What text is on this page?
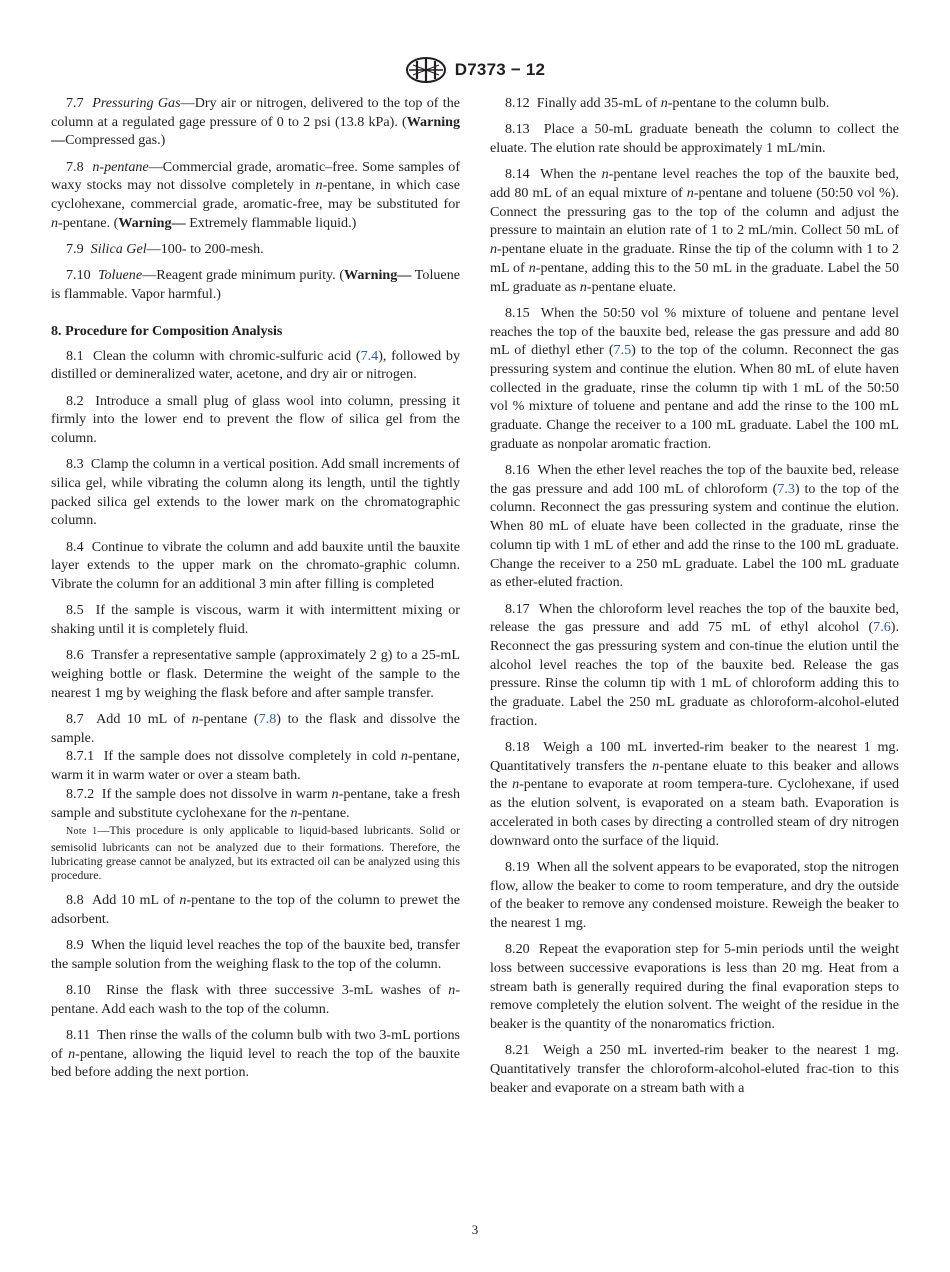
D7373 − 12

7.7 Pressuring Gas—Dry air or nitrogen, delivered to the top of the column at a regulated gage pressure of 0 to 2 psi (13.8 kPa). (Warning—Compressed gas.)

7.8 n-pentane—Commercial grade, aromatic–free. Some samples of waxy stocks may not dissolve completely in n-pentane, in which case cyclohexane, commercial grade, aromatic-free, may be substituted for n-pentane. (Warning— Extremely flammable liquid.)

7.9 Silica Gel—100- to 200-mesh.

7.10 Toluene—Reagent grade minimum purity. (Warning— Toluene is flammable. Vapor harmful.)

8. Procedure for Composition Analysis

8.1 Clean the column with chromic-sulfuric acid (7.4), followed by distilled or demineralized water, acetone, and dry air or nitrogen.

8.2 Introduce a small plug of glass wool into column, pressing it firmly into the lower end to prevent the flow of silica gel from the column.

8.3 Clamp the column in a vertical position. Add small increments of silica gel, while vibrating the column along its length, until the tightly packed silica gel extends to the lower mark on the chromatographic column.

8.4 Continue to vibrate the column and add bauxite until the bauxite layer extends to the upper mark on the chromato-graphic column. Vibrate the column for an additional 3 min after filling is completed

8.5 If the sample is viscous, warm it with intermittent mixing or shaking until it is completely fluid.

8.6 Transfer a representative sample (approximately 2 g) to a 25-mL weighing bottle or flask. Determine the weight of the sample to the nearest 1 mg by weighing the flask before and after sample transfer.

8.7 Add 10 mL of n-pentane (7.8) to the flask and dissolve the sample.

8.7.1 If the sample does not dissolve completely in cold n-pentane, warm it in warm water or over a steam bath.

8.7.2 If the sample does not dissolve in warm n-pentane, take a fresh sample and substitute cyclohexane for the n-pentane.

Note 1—This procedure is only applicable to liquid-based lubricants. Solid or semisolid lubricants can not be analyzed due to their formations. Therefore, the lubricating grease cannot be analyzed, but its extracted oil can be analyzed using this procedure.

8.8 Add 10 mL of n-pentane to the top of the column to prewet the adsorbent.

8.9 When the liquid level reaches the top of the bauxite bed, transfer the sample solution from the weighing flask to the top of the column.

8.10 Rinse the flask with three successive 3-mL washes of n-pentane. Add each wash to the top of the column.

8.11 Then rinse the walls of the column bulb with two 3-mL portions of n-pentane, allowing the liquid level to reach the top of the bauxite bed before adding the next portion.

8.12 Finally add 35-mL of n-pentane to the column bulb.

8.13 Place a 50-mL graduate beneath the column to collect the eluate. The elution rate should be approximately 1 mL/min.

8.14 When the n-pentane level reaches the top of the bauxite bed, add 80 mL of an equal mixture of n-pentane and toluene (50:50 vol %). Connect the pressuring gas to the top of the column and adjust the pressure to maintain an elution rate of 1 to 2 mL/min. Collect 50 mL of n-pentane eluate in the graduate. Rinse the tip of the column with 1 to 2 mL of n-pentane, adding this to the 50 mL in the graduate. Label the 50 mL graduate as n-pentane eluate.

8.15 When the 50:50 vol % mixture of toluene and pentane level reaches the top of the bauxite bed, release the gas pressure and add 80 mL of diethyl ether (7.5) to the top of the column. Reconnect the gas pressuring system and continue the elution. When 80 mL of elute haven collected in the graduate, rinse the column tip with 1 mL of the 50:50 vol % mixture of toluene and pentane and add the rinse to the 100 mL graduate. Change the receiver to a 100 mL graduate. Label the 100 mL graduate as nonpolar aromatic fraction.

8.16 When the ether level reaches the top of the bauxite bed, release the gas pressure and add 100 mL of chloroform (7.3) to the top of the column. Reconnect the gas pressuring system and continue the elution. When 80 mL of eluate have been collected in the graduate, rinse the column tip with 1 mL of ether and add the rinse to the 100 mL graduate. Change the receiver to a 250 mL graduate. Label the 100 mL graduate as ether-eluted fraction.

8.17 When the chloroform level reaches the top of the bauxite bed, release the gas pressure and add 75 mL of ethyl alcohol (7.6). Reconnect the gas pressuring system and con-tinue the elution until the alcohol level reaches the top of the bauxite bed. Release the gas pressure. Rinse the column tip with 1 mL of chloroform adding this to the graduate. Label the 250 mL graduate as chloroform-alcohol-eluted fraction.

8.18 Weigh a 100 mL inverted-rim beaker to the nearest 1 mg. Quantitatively transfers the n-pentane eluate to this beaker and allows the n-pentane to evaporate at room tempera-ture. Cyclohexane, if used as the elution solvent, is evaporated on a steam bath. Evaporation is accelerated in both cases by directing a controlled steam of dry nitrogen downward onto the surface of the liquid.

8.19 When all the solvent appears to be evaporated, stop the nitrogen flow, allow the beaker to come to room temperature, and dry the outside of the beaker to remove any condensed moisture. Reweigh the beaker to the nearest 1 mg.

8.20 Repeat the evaporation step for 5-min periods until the weight loss between successive evaporations is less than 20 mg. Heat from a stream bath is generally required during the final evaporation steps to remove completely the elution solvent. The weight of the residue in the beaker is the quantity of the nonaromatics friction.

8.21 Weigh a 250 mL inverted-rim beaker to the nearest 1 mg. Quantitatively transfer the chloroform-alcohol-eluted frac-tion to this beaker and evaporate on a stream bath with a

3
